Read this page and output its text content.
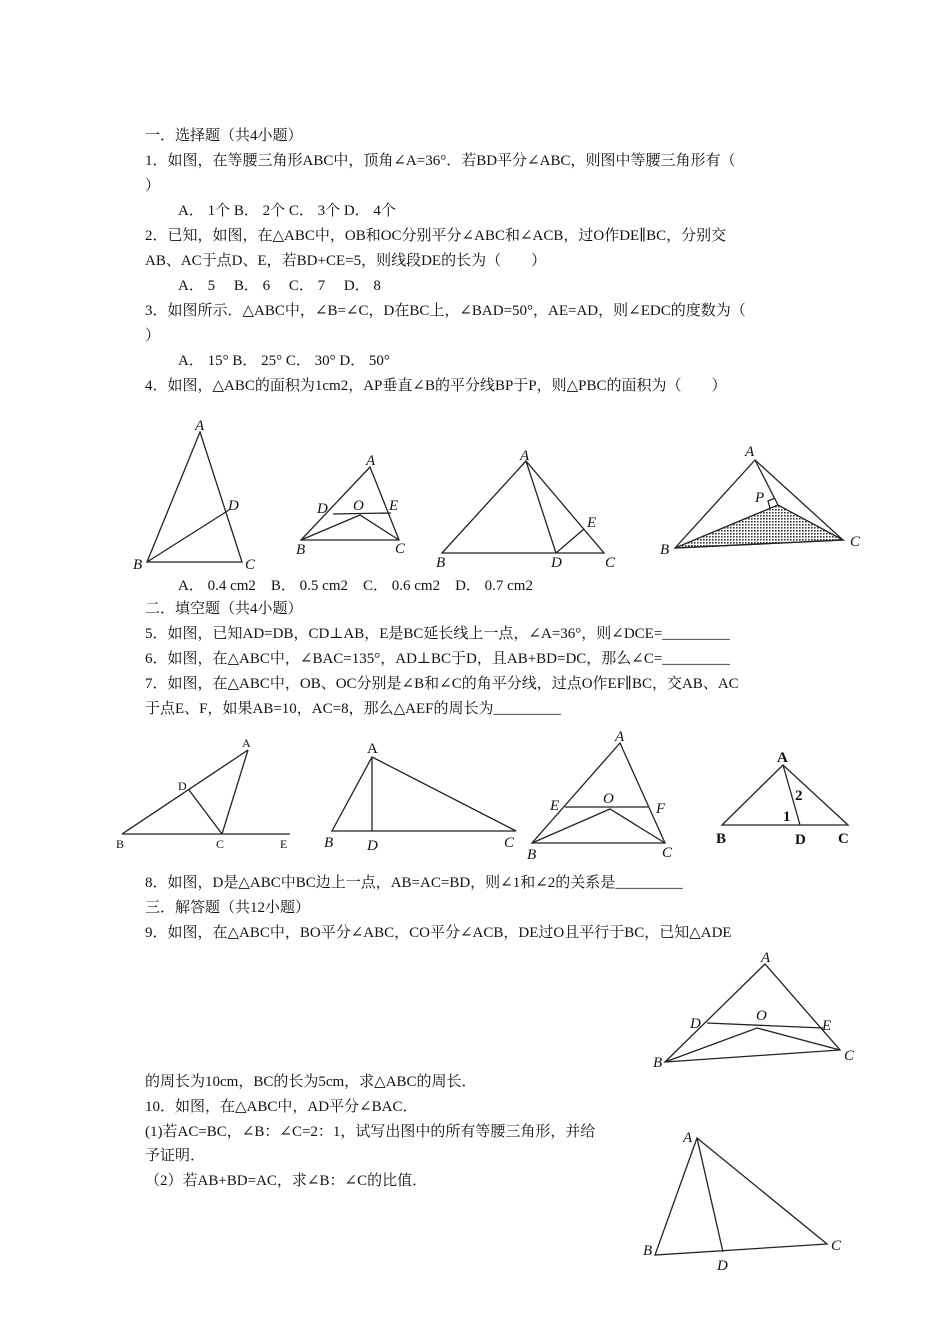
一．选择题（共4小题）
1．如图，在等腰三角形ABC中，顶角∠A=36°．若BD平分∠ABC，则图中等腰三角形有（
）
A． 1个 B． 2个 C． 3个 D． 4个
2．已知，如图，在△ABC中，OB和OC分别平分∠ABC和∠ACB，过O作DE∥BC，分别交
AB、AC于点D、E，若BD+CE=5，则线段DE的长为（　　）
A． 5　 B． 6　 C． 7　 D． 8
3．如图所示．△ABC中，∠B=∠C，D在BC上，∠BAD=50°，AE=AD，则∠EDC的度数为（
）
A． 15° B． 25° C． 30° D． 50°
4．如图，△ABC的面积为1cm2，AP垂直∠B的平分线BP于P，则△PBC的面积为（　　）
A
D
B	C
A
D O E
B	C
A
E
B	D	C
A
P
B	C
A． 0.4 cm2　B． 0.5 cm2　C． 0.6 cm2　D． 0.7 cm2
二．填空题（共4小题）
5．如图，已知AD=DB，CD⊥AB，E是BC延长线上一点，∠A=36°，则∠DCE=_________
6．如图，在△ABC中，∠BAC=135°，AD⊥BC于D，且AB+BD=DC，那么∠C=_________
7．如图，在△ABC中，OB、OC分别是∠B和∠C的角平分线，过点O作EF∥BC，交AB、AC
于点E、F，如果AB=10，AC=8，那么△AEF的周长为_________
A
D
B	C	E
A
B D	C
A
E	O
F
B	C
A
2
1
B	D C
8．如图，D是△ABC中BC边上一点，AB=AC=BD，则∠1和∠2的关系是_________
三．解答题（共12小题）
9．如图，在△ABC中，BO平分∠ABC，CO平分∠ACB，DE过O且平行于BC，已知△ADE
A
D	O
E
B	C
的周长为10cm，BC的长为5cm，求△ABC的周长．
10．如图，在△ABC中，AD平分∠BAC．
(1)若AC=BC，∠B：∠C=2：1，试写出图中的所有等腰三角形，并给
予证明．
（2）若AB+BD=AC，求∠B：∠C的比值．
A
B
D
C
